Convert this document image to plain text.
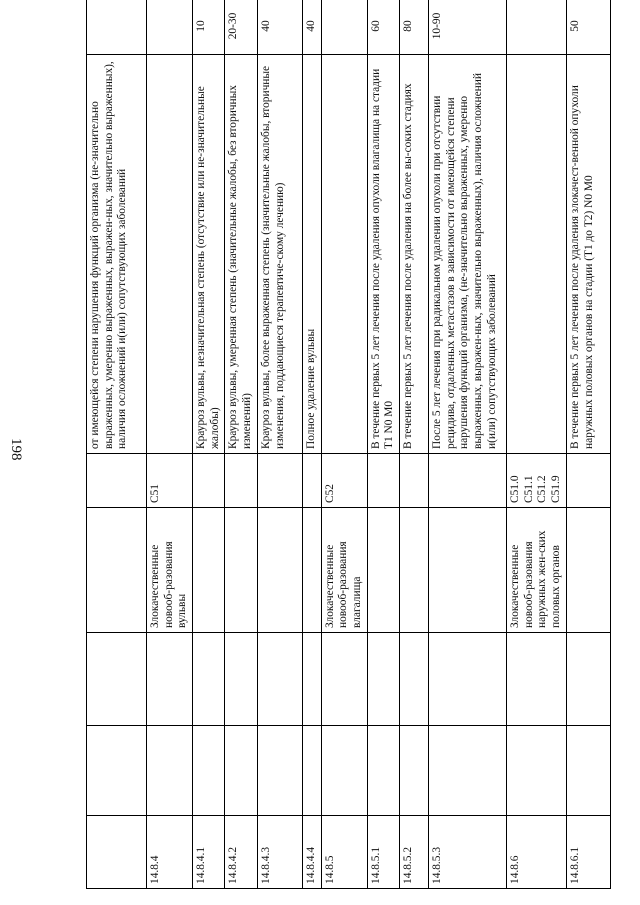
198
					от имеющейся степени нарушения функций организма (не-значительно выраженных, умеренно выраженных, выражен-ных, значительно выраженных), наличия осложнений и(или) сопутствующих заболеваний	
14.8.4			Злокачественные новооб-разования вульвы	C51		

14.8.4.1					Крауроз вульвы, незначительная степень (отсутствие или не-значительные жалобы)	10
14.8.4.2					Крауроз вульвы, умеренная степень (значительные жалобы, без вторичных изменений)	20-30
14.8.4.3					Крауроз вульвы, более выраженная степень (значительные жалобы, вторичные изменения, поддающиеся терапевтиче-скому лечению)	40
14.8.4.4					Полное удаление вульвы	40
14.8.5			Злокачественные новооб-разования влагалища	C52		

14.8.5.1					В течение первых 5 лет лечения после удаления опухоли влагалища на стадии T1 N0 M0	60
14.8.5.2					В течение первых 5 лет лечения после удаления на более вы-соких стадиях	80
14.8.5.3					После 5 лет лечения при радикальном удалении опухоли при отсутствии рецидива, отдаленных метастазов в зависимости от имеющейся степени нарушения функций организма, (не-значительно выраженных, умеренно выраженных, выражен-ных, значительно выраженных), наличия осложнений и(или) сопутствующих заболеваний	10-90
14.8.6			Злокачественные новооб-разования наружных жен-ских половых органов	C51.0 C51.1 C51.2 C51.9		

14.8.6.1					В течение первых 5 лет лечения после удаления злокачест-венной опухоли наружных половых органов на стадии (T1 до T2) N0 M0	50
